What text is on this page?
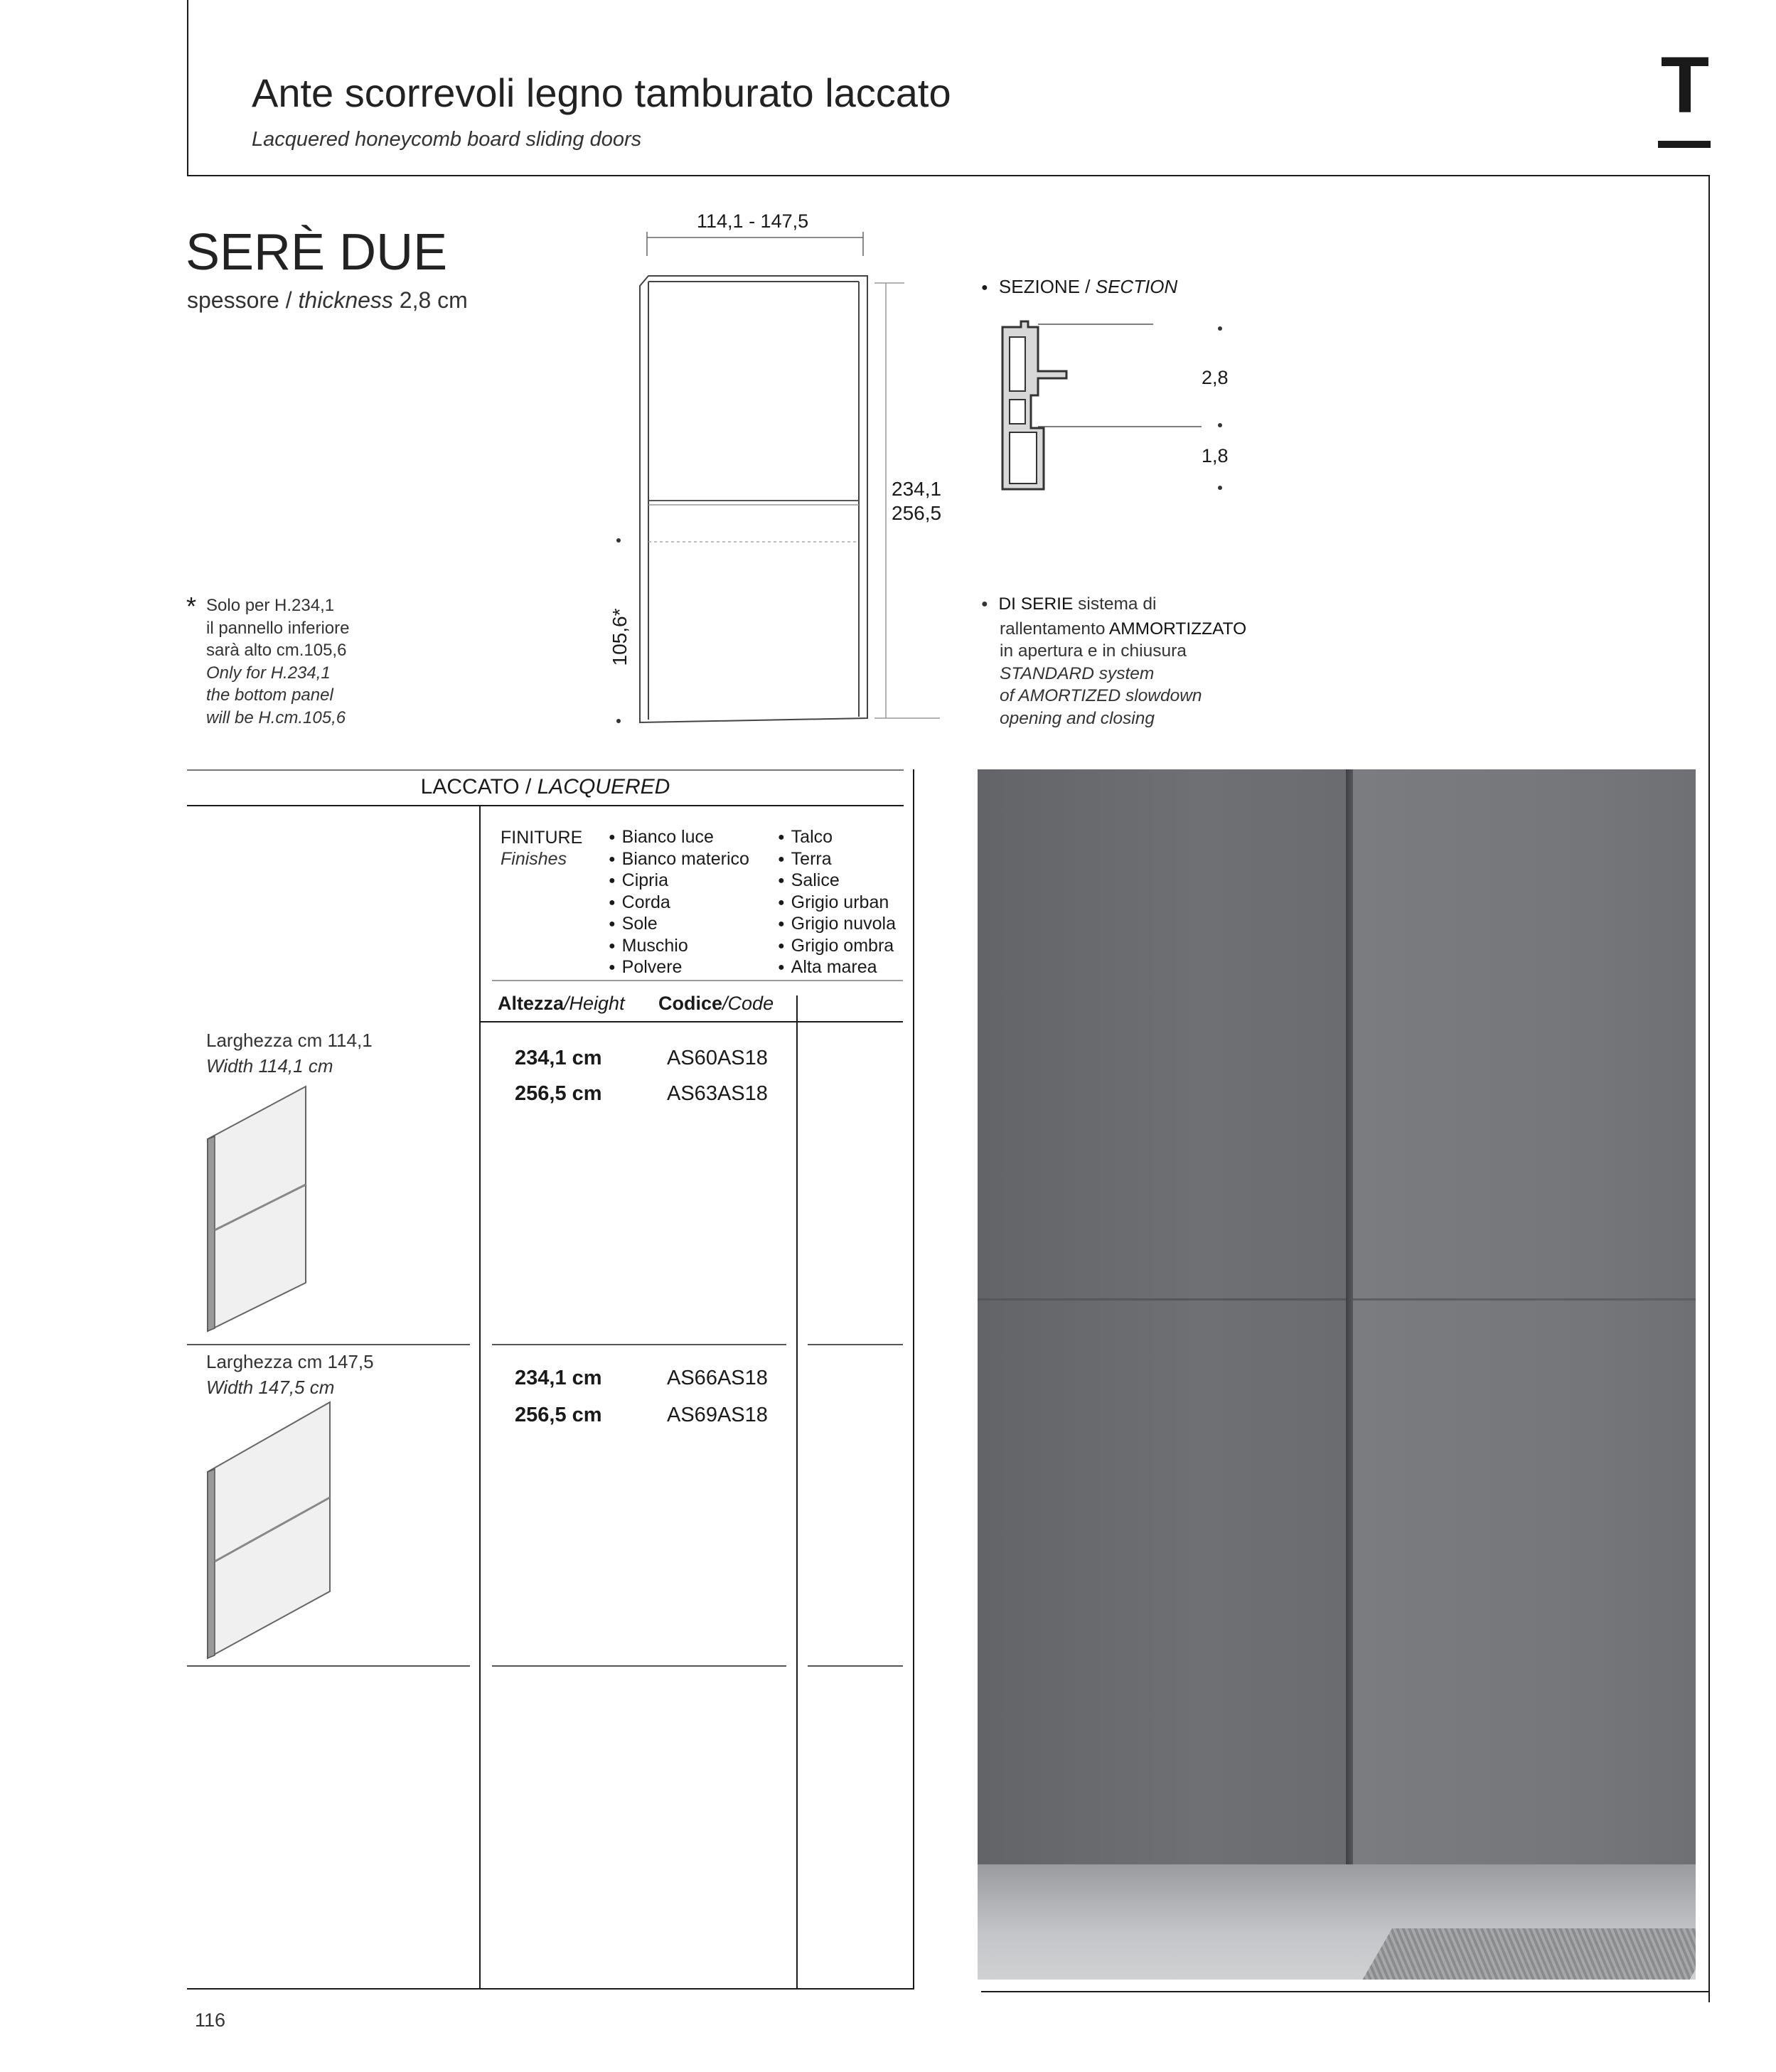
Ante scorrevoli legno tamburato laccato
Lacquered honeycomb board sliding doors
T
SERÈ DUE
spessore / thickness 2,8 cm
114,1 - 147,5
234,1
256,5
105,6*
* Solo per H.234,1
il pannello inferiore
sarà alto cm.105,6
Only for H.234,1
the bottom panel
will be H.cm.105,6
● SEZIONE / SECTION
2,8
1,8
● DI SERIE sistema di
rallentamento AMMORTIZZATO
in apertura e in chiusura
STANDARD system
of AMORTIZED slowdown
opening and closing
LACCATO / LACQUERED
FINITURE
Finishes
● Bianco luce
● Bianco materico
● Cipria
● Corda
● Sole
● Muschio
● Polvere
● Talco
● Terra
● Salice
● Grigio urban
● Grigio nuvola
● Grigio ombra
● Alta marea
Altezza/Height Codice/Code
Larghezza cm 114,1
Width 114,1 cm	234,1 cm	AS60AS18
256,5 cm	AS63AS18
Larghezza cm 147,5
Width 147,5 cm	234,1 cm	AS66AS18
256,5 cm	AS69AS18
116
